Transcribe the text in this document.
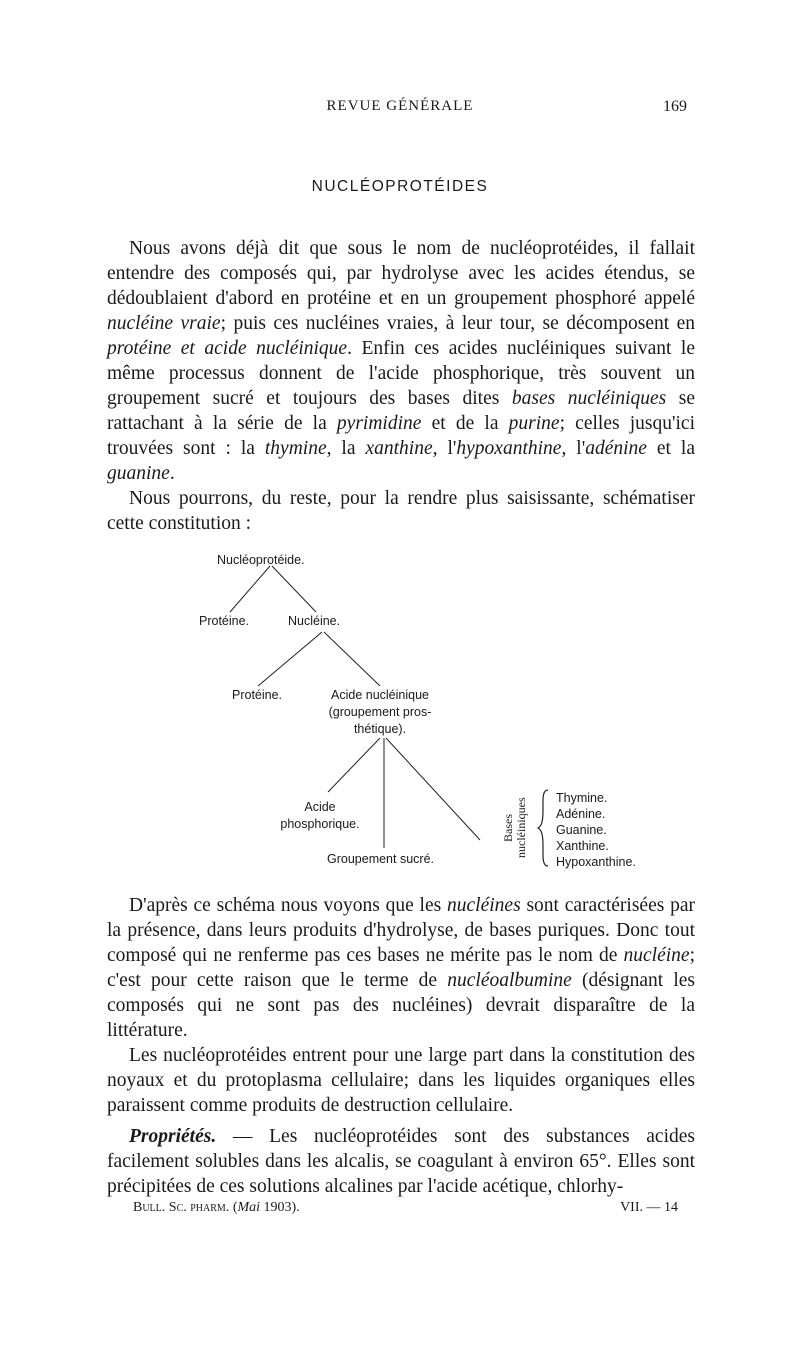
REVUE GÉNÉRALE	169
NUCLÉOPROTÉIDES

Nous avons déjà dit que sous le nom de nucléoprotéides, il fallait entendre des composés qui, par hydrolyse avec les acides étendus, se dédoublaient d'abord en protéine et en un groupement phosphoré appelé nucléine vraie; puis ces nucléines vraies, à leur tour, se décomposent en protéine et acide nucléinique. Enfin ces acides nucléiniques suivant le même processus donnent de l'acide phosphorique, très souvent un groupement sucré et toujours des bases dites bases nucléiniques se rattachant à la série de la pyrimidine et de la purine; celles jusqu'ici trouvées sont : la thymine, la xanthine, l'hypoxanthine, l'adénine et la guanine.

Nous pourrons, du reste, pour la rendre plus saisissante, schématiser cette constitution :

Nucléoprotéide.
Protéine.	Nucléine.
Protéine.	Acide nucléinique
(groupement pros-
thétique).
Acide
phosphorique.
Groupement sucré.
Bases nucléiniques Thymine.
Adénine.
Guanine.
Xanthine.
Hypoxanthine.

D'après ce schéma nous voyons que les nucléines sont caractérisées par la présence, dans leurs produits d'hydrolyse, de bases puriques. Donc tout composé qui ne renferme pas ces bases ne mérite pas le nom de nucléine; c'est pour cette raison que le terme de nucléoalbumine (désignant les composés qui ne sont pas des nucléines) devrait disparaître de la littérature.

Les nucléoprotéides entrent pour une large part dans la constitution des noyaux et du protoplasma cellulaire; dans les liquides organiques elles paraissent comme produits de destruction cellulaire.

Propriétés. — Les nucléoprotéides sont des substances acides facilement solubles dans les alcalis, se coagulant à environ 65°. Elles sont précipitées de ces solutions alcalines par l'acide acétique, chlorhy-

Bull. Sc. pharm. (Mai 1903).	VII. — 14
